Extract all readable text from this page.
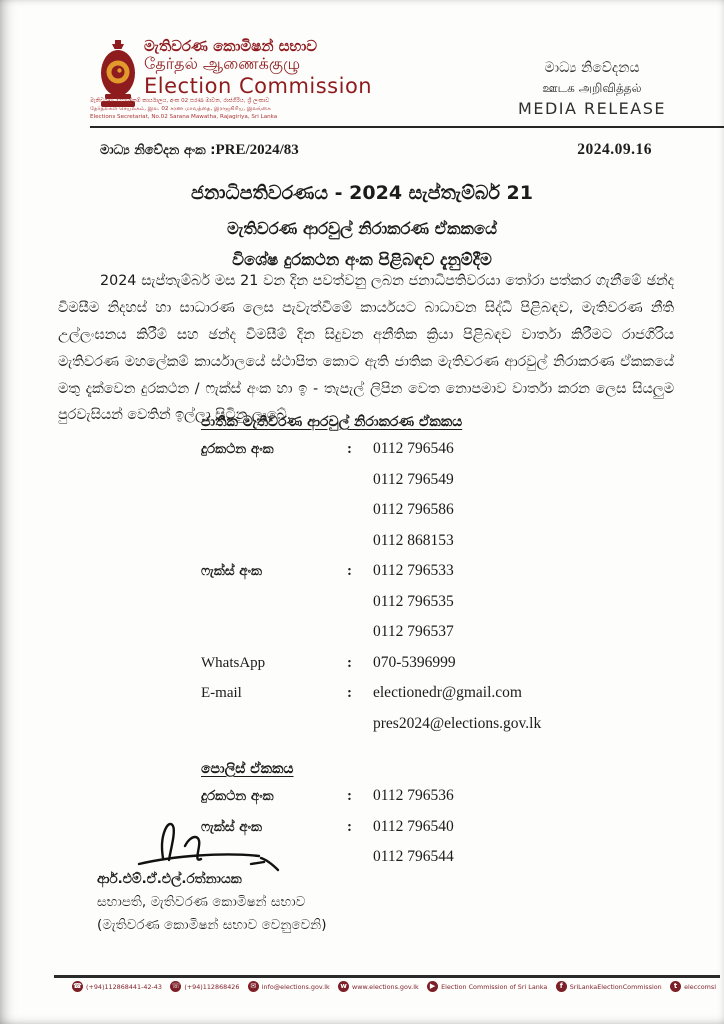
මැතිවරණ කොමිෂන් සභාව
தேர்தல் ஆணைக்குழு
Election Commission
මැතිවරණ මහලේකම් කාර්යාලය, අංක 02 සරණ මාවත, රාජගිරිය, ශ්‍රී ලංකාව
தேர்தல்கள் செயலகம், இல. 02 சரண மாவத்தை, இராஜகிரிய, இலங்கை
Elections Secretariat, No.02 Sarana Mawatha, Rajagiriya, Sri Lanka
මාධ්‍ය නිවේදනය
ஊடக அறிவித்தல்
MEDIA RELEASE
මාධ්‍ය නිවේදන අංක :PRE/2024/83	2024.09.16
ජනාධිපතිවරණය - 2024 සැප්තැම්බර් 21
මැතිවරණ ආරවුල් නිරාකරණ ඒකකයේ
විශේෂ දුරකථන අංක පිළිබඳව දැනුම්දීම

2024 සැප්තැම්බර් මස 21 වන දින පවත්වනු ලබන ජනාධිපතිවරයා තෝරා පත්කර ගැනීමේ ඡන්ද විමසීම නිදහස් හා සාධාරණ ලෙස පැවැත්වීමේ කාර්යයට බාධාවන සිද්ධි පිළිබඳව, මැතිවරණ නීති උල්ලංඝනය කිරීම් සහ ඡන්ද විමසීම් දින සිදුවන අනීතික ක්‍රියා පිළිබඳව වාර්තා කිරීමට රාජගිරිය මැතිවරණ මහලේකම් කාර්යාලයේ ස්ථාපිත කොට ඇති ජාතික මැතිවරණ ආරවුල් නිරාකරණ ඒකකයේ මතු දැක්වෙන දුරකථන / ෆැක්ස් අංක හා ඉ - තැපැල් ලිපින වෙත නොපමාව වාර්තා කරන ලෙස සියලුම පුරවැසියන් වෙතින් ඉල්ලා සිටිනු ලැබේ.

ජාතික මැතිවරණ ආරවුල් නිරාකරණ ඒකකය
දුරකථන අංක	:	0112 796546
0112 796549
0112 796586
0112 868153
ෆැක්ස් අංක	:	0112 796533
0112 796535
0112 796537
WhatsApp	:	070-5396999
E-mail	:	electionedr@gmail.com
pres2024@elections.gov.lk
පොලිස් ඒකකය
දුරකථන අංක	:	0112 796536
ෆැක්ස් අංක	:	0112 796540
0112 796544
ආර්.එම්.ඒ.එල්.රත්නායක
සභාපති, මැතිවරණ කොමිෂන් සභාව
(මැතිවරණ කොමිෂන් සභාව වෙනුවෙනි)
☎ (+94)112868441-42-43 ☏ (+94)112868426	✉ info@elections.gov.lk	w www.elections.gov.lk	▶ Election Commission of Sri Lanka	f	SriLankaElectionCommission	t	eleccomsl
